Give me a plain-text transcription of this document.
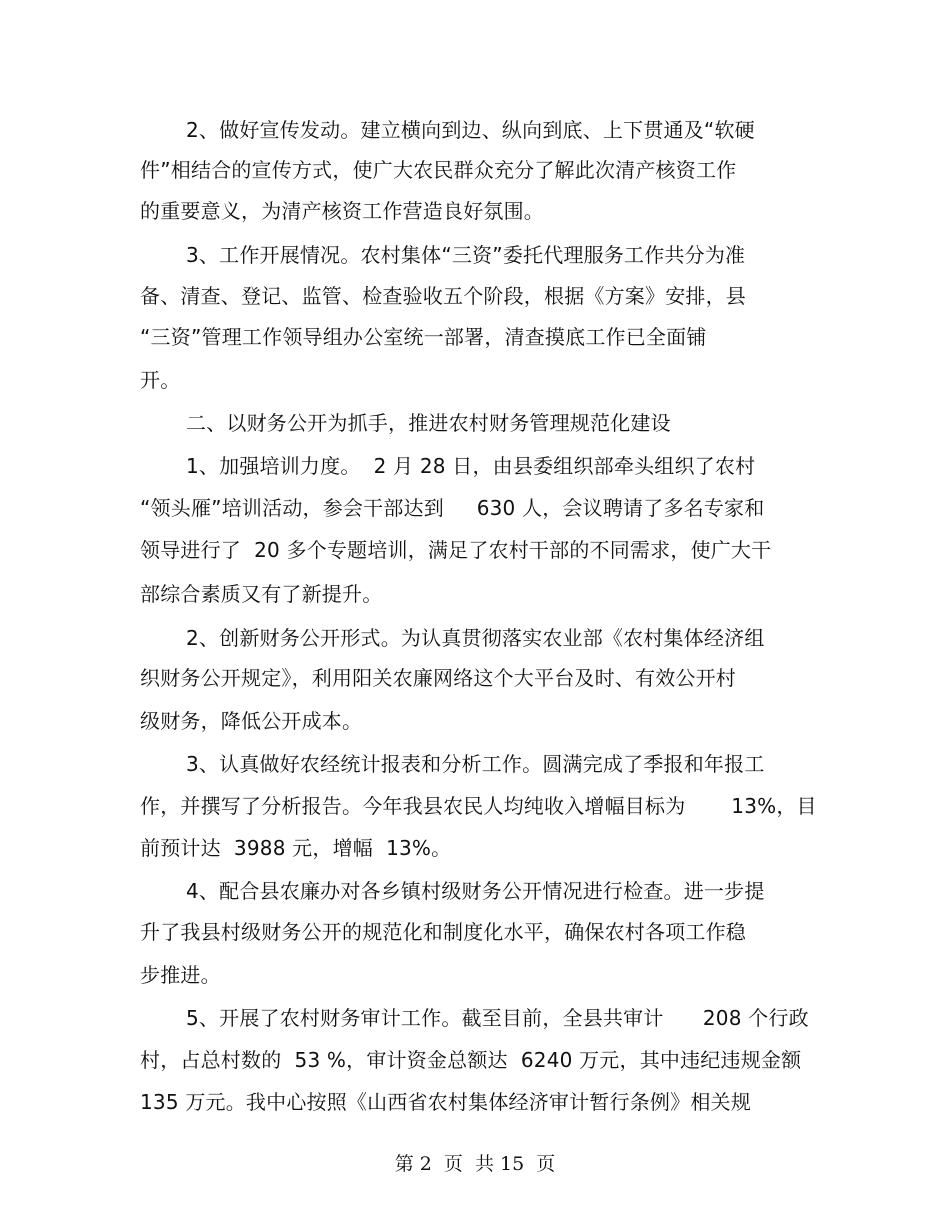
2、做好宣传发动。建立横向到边、纵向到底、上下贯通及“软硬
件”相结合的宣传方式，使广大农民群众充分了解此次清产核资工作
的重要意义，为清产核资工作营造良好氛围。
3、工作开展情况。农村集体“三资”委托代理服务工作共分为准
备、清查、登记、监管、检查验收五个阶段，根据《方案》安排，县
“三资”管理工作领导组办公室统一部署，清查摸底工作已全面铺
开。
二、以财务公开为抓手，推进农村财务管理规范化建设
1、加强培训力度。  2 月 28 日，由县委组织部牵头组织了农村
“领头雁”培训活动，参会干部达到     630 人，会议聘请了多名专家和
领导进行了  20 多个专题培训，满足了农村干部的不同需求，使广大干
部综合素质又有了新提升。
2、创新财务公开形式。为认真贯彻落实农业部《农村集体经济组
织财务公开规定》，利用阳关农廉网络这个大平台及时、有效公开村
级财务，降低公开成本。
3、认真做好农经统计报表和分析工作。圆满完成了季报和年报工
作，并撰写了分析报告。今年我县农民人均纯收入增幅目标为       13%，目
前预计达  3988 元，增幅  13%。
4、配合县农廉办对各乡镇村级财务公开情况进行检查。进一步提
升了我县村级财务公开的规范化和制度化水平，确保农村各项工作稳
步推进。
5、开展了农村财务审计工作。截至目前，全县共审计      208 个行政
村，占总村数的  53 %，审计资金总额达  6240 万元，其中违纪违规金额
135 万元。我中心按照《山西省农村集体经济审计暂行条例》相关规
第 2  页  共 15  页
